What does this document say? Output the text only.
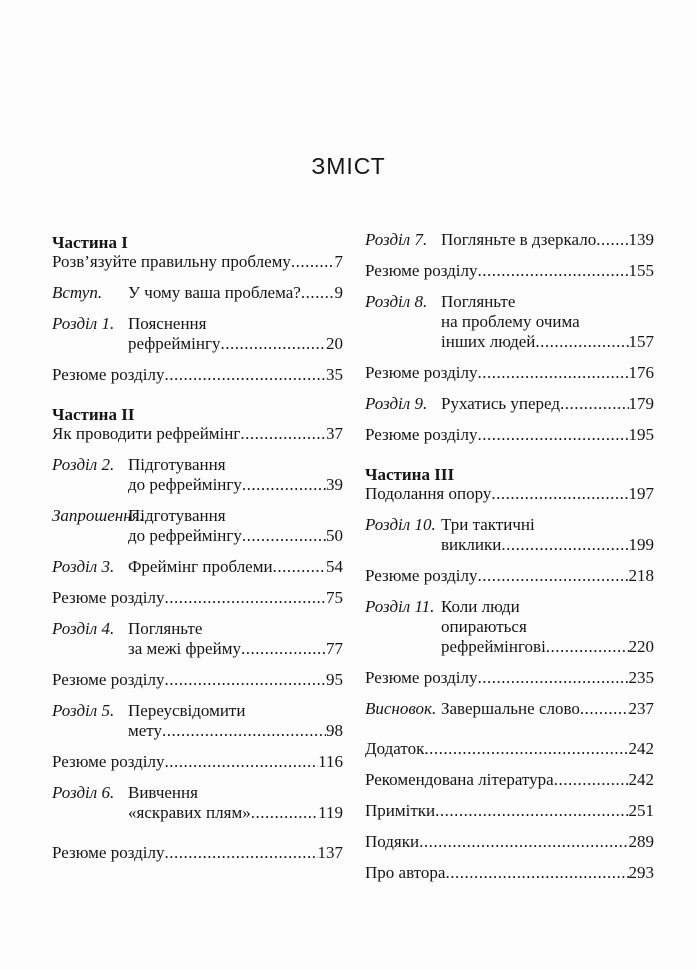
ЗМІСТ
Частина I
Розв’язуйте правильну проблему .....	7
Вступ.	У чому ваша проблема? ..... 9
Розділ 1. Пояснення
рефреймінгу .....	20
Резюме розділу .....	35
Частина II
Як проводити рефреймінг .....	37
Розділ 2. Підготування
до рефреймінгу .....	39
Запрошення.
Підготування
до рефреймінгу .....	50
Розділ 3. Фреймінг проблеми .....	54
Резюме розділу .....	75
Розділ 4. Погляньте
за межі фрейму .....	77
Резюме розділу .....	95
Розділ 5. Переусвідомити
мету .....	98
Резюме розділу .....	116
Розділ 6. Вивчення
«яскравих плям» .....	119
Резюме розділу .....	137
Розділ 7. Погляньте в дзеркало ..... 139
Резюме розділу .....	155
Розділ 8. Погляньте
на проблему очима
інших людей .....	157
Резюме розділу .....	176
Розділ 9. Рухатись уперед .....	179
Резюме розділу .....	195
Частина III
Подолання опору .....	197
Розділ 10. Три тактичні
виклики .....	199
Резюме розділу .....	218
Розділ 11. Коли люди
опираються
рефреймінгові .....	220
Резюме розділу .....	235
Висновок. Завершальне слово .....	237
Додаток .....	242
Рекомендована література .....	242
Примітки .....	251
Подяки .....	289
Про автора .....	293
